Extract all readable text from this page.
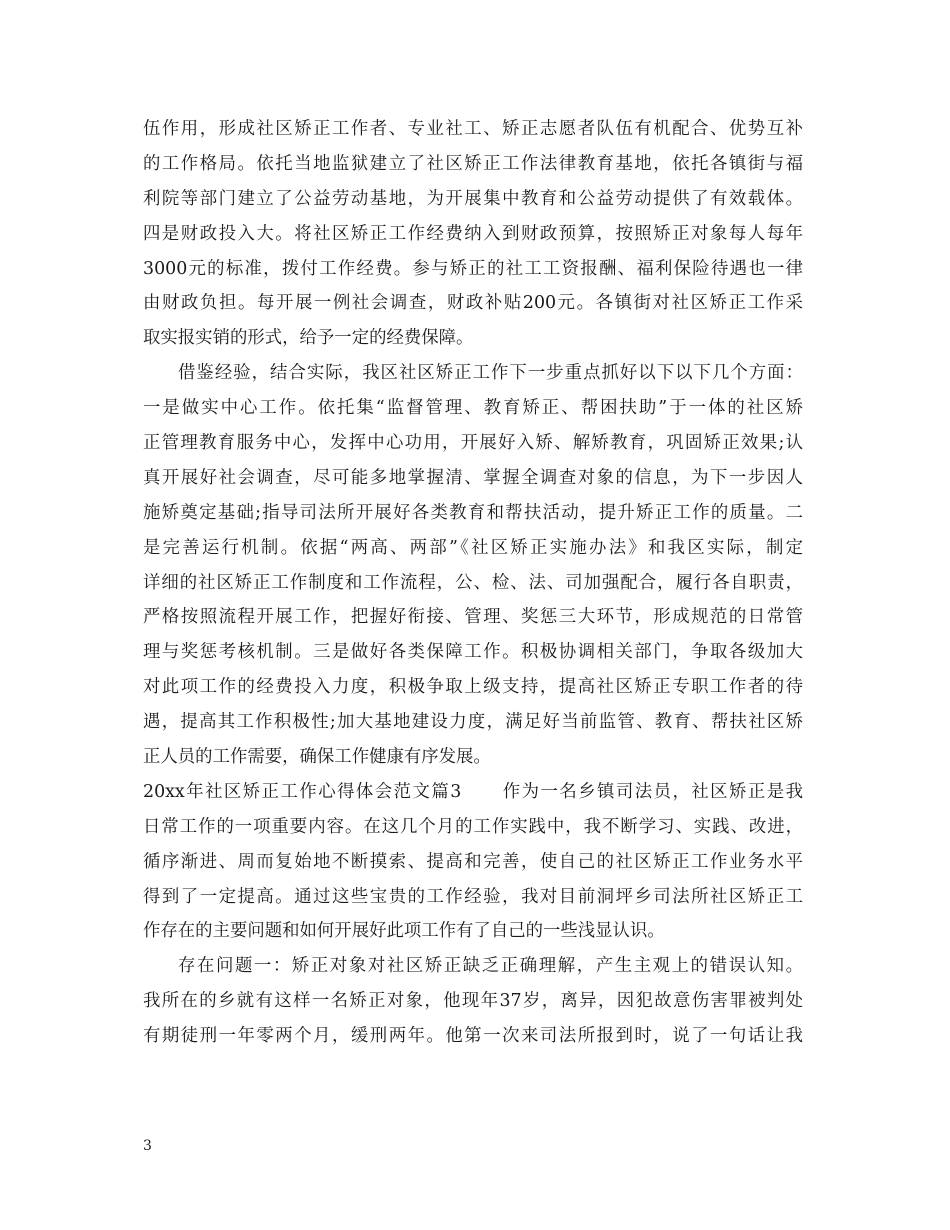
伍作用，形成社区矫正工作者、专业社工、矫正志愿者队伍有机配合、优势互补
的工作格局。依托当地监狱建立了社区矫正工作法律教育基地，依托各镇街与福
利院等部门建立了公益劳动基地，为开展集中教育和公益劳动提供了有效载体。
四是财政投入大。将社区矫正工作经费纳入到财政预算，按照矫正对象每人每年
3000元的标准，拨付工作经费。参与矫正的社工工资报酬、福利保险待遇也一律
由财政负担。每开展一例社会调查，财政补贴200元。各镇街对社区矫正工作采
取实报实销的形式，给予一定的经费保障。
借鉴经验，结合实际，我区社区矫正工作下一步重点抓好以下以下几个方面：
一是做实中心工作。依托集“监督管理、教育矫正、帮困扶助”于一体的社区矫
正管理教育服务中心，发挥中心功用，开展好入矫、解矫教育，巩固矫正效果;认
真开展好社会调查，尽可能多地掌握清、掌握全调查对象的信息，为下一步因人
施矫奠定基础;指导司法所开展好各类教育和帮扶活动，提升矫正工作的质量。二
是完善运行机制。依据“两高、两部”《社区矫正实施办法》和我区实际，制定
详细的社区矫正工作制度和工作流程，公、检、法、司加强配合，履行各自职责，
严格按照流程开展工作，把握好衔接、管理、奖惩三大环节，形成规范的日常管
理与奖惩考核机制。三是做好各类保障工作。积极协调相关部门，争取各级加大
对此项工作的经费投入力度，积极争取上级支持，提高社区矫正专职工作者的待
遇，提高其工作积极性;加大基地建设力度，满足好当前监管、教育、帮扶社区矫
正人员的工作需要，确保工作健康有序发展。
20xx年社区矫正工作心得体会范文篇3 作为一名乡镇司法员，社区矫正是我
日常工作的一项重要内容。在这几个月的工作实践中，我不断学习、实践、改进，
循序渐进、周而复始地不断摸索、提高和完善，使自己的社区矫正工作业务水平
得到了一定提高。通过这些宝贵的工作经验，我对目前洞坪乡司法所社区矫正工
作存在的主要问题和如何开展好此项工作有了自己的一些浅显认识。
存在问题一：矫正对象对社区矫正缺乏正确理解，产生主观上的错误认知。
我所在的乡就有这样一名矫正对象，他现年37岁，离异，因犯故意伤害罪被判处
有期徒刑一年零两个月，缓刑两年。他第一次来司法所报到时，说了一句话让我
3
